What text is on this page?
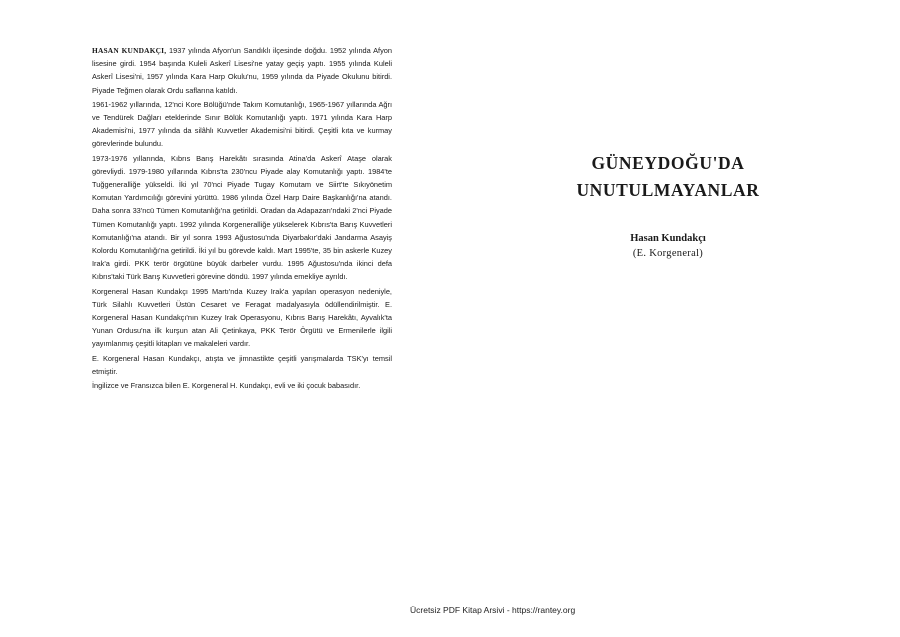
HASAN KUNDAKÇI, 1937 yılında Afyon'un Sandıklı ilçesinde doğdu. 1952 yılında Afyon lisesine girdi. 1954 başında Kuleli Askerî Lisesi'ne yatay geçiş yaptı. 1955 yılında Kuleli Askerî Lisesi'ni, 1957 yılında Kara Harp Okulu'nu, 1959 yılında da Piyade Okulunu bitirdi. Piyade Teğmen olarak Ordu saflarına katıldı.

1961-1962 yıllarında, 12'nci Kore Bölüğü'nde Takım Komutanlığı, 1965-1967 yıllarında Ağrı ve Tendürek Dağları eteklerinde Sınır Bölük Komutanlığı yaptı. 1971 yılında Kara Harp Akademisi'ni, 1977 yılında da silâhlı Kuvvetler Akademisi'ni bitirdi. Çeşitli kıta ve kurmay görevlerinde bulundu.

1973-1976 yıllarında, Kıbrıs Barış Harekâtı sırasında Atina'da Askerî Ataşe olarak görevliydi. 1979-1980 yıllarında Kıbrıs'ta 230'ncu Piyade alay Komutanlığı yaptı. 1984'te Tuğgeneralliğe yükseldi. İki yıl 70'nci Piyade Tugay Komutam ve Siirt'te Sıkıyönetim Komutan Yardımcılığı görevini yürüttü. 1986 yılında Özel Harp Daire Başkanlığı'na atandı. Daha sonra 33'ncü Tümen Komutanlığı'na getirildi. Oradan da Adapazarı'ndaki 2'nci Piyade Tümen Komutanlığı yaptı. 1992 yılında Korgeneralliğe yükselerek Kıbrıs'ta Barış Kuvvetleri Komutanlığı'na atandı. Bir yıl sonra 1993 Ağustosu'nda Diyarbakır'daki Jandarma Asayiş Kolordu Komutanlığı'na getirildi. İki yıl bu görevde kaldı. Mart 1995'te, 35 bin askerle Kuzey Irak'a girdi. PKK terör örgütüne büyük darbeler vurdu. 1995 Ağustosu'nda ikinci defa Kıbrıs'taki Türk Barış Kuvvetleri görevine döndü. 1997 yılında emekliye ayrıldı.

Korgeneral Hasan Kundakçı 1995 Martı'nda Kuzey Irak'a yapılan operasyon nedeniyle, Türk Silahlı Kuvvetleri Üstün Cesaret ve Feragat madalyasıyla ödüllendirilmiştir. E. Korgeneral Hasan Kundakçı'nın Kuzey Irak Operasyonu, Kıbrıs Barış Harekâtı, Ayvalık'ta Yunan Ordusu'na ilk kurşun atan Ali Çetinkaya, PKK Terör Örgütü ve Ermenilerle ilgili yayımlanmış çeşitli kitapları ve makaleleri vardır.

E. Korgeneral Hasan Kundakçı, atışta ve jimnastikte çeşitli yarışmalarda TSK'yı temsil etmiştir.

İngilizce ve Fransızca bilen E. Korgeneral H. Kundakçı, evli ve iki çocuk babasıdır.

GÜNEYDOĞU'DA

UNUTULMAYANLAR

Hasan Kundakçı
(E. Korgeneral)
Ücretsiz PDF Kitap Arsivi - https://rantey.org
